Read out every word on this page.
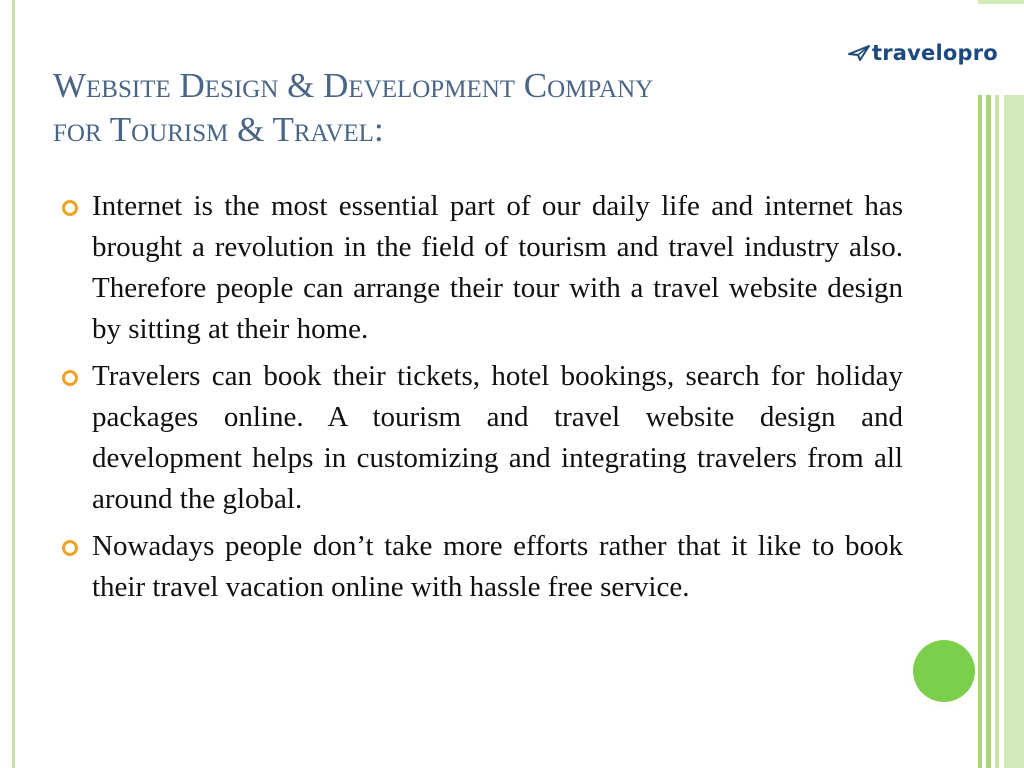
travelopro
Website Design & Development Company
for Tourism & Travel:

Internet is the most essential part of our daily life and internet has brought a revolution in the field of tourism and travel industry also. Therefore people can arrange their tour with a travel website design by sitting at their home.

Travelers can book their tickets, hotel bookings, search for holiday packages online. A tourism and travel website design and development helps in customizing and integrating travelers from all around the global.

Nowadays people don’t take more efforts rather that it like to book their travel vacation online with hassle free service.
